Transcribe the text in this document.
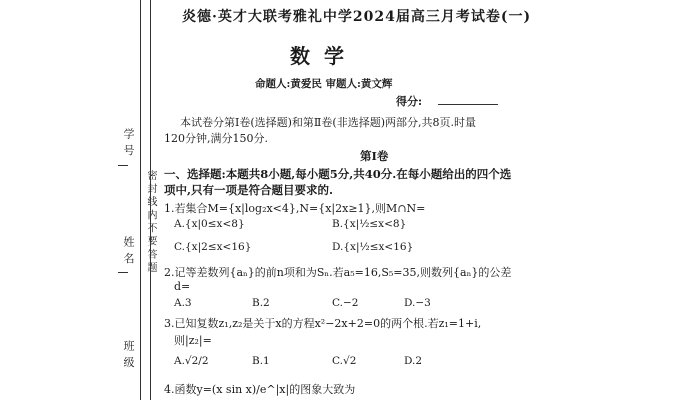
学 号
姓 名
班 级
密 封 线 内 不 要 答 题
炎德·英才大联考雅礼中学2024届高三月考试卷(一)
数学
命题人:黄爱民 审题人:黄文辉
得分:
本试卷分第Ⅰ卷(选择题)和第Ⅱ卷(非选择题)两部分,共8页.时量
120分钟,满分150分.
第Ⅰ卷
一、选择题:本题共8小题,每小题5分,共40分.在每小题给出的四个选
项中,只有一项是符合题目要求的.
1.若集合M={x|log₂x<4},N={x|2x≥1},则M∩N=
A.{x|0≤x<8}	B.{x|½≤x<8}
C.{x|2≤x<16}	D.{x|½≤x<16}
2.记等差数列{aₙ}的前n项和为Sₙ.若a₅=16,S₅=35,则数列{aₙ}的公差
d=
A.3	B.2	C.−2	D.−3
3.已知复数z₁,z₂是关于x的方程x²−2x+2=0的两个根.若z₁=1+i,
则|z₂|=
A.√2/2	B.1	C.√2	D.2
4.函数y=(x sin x)/e^|x|的图象大致为
